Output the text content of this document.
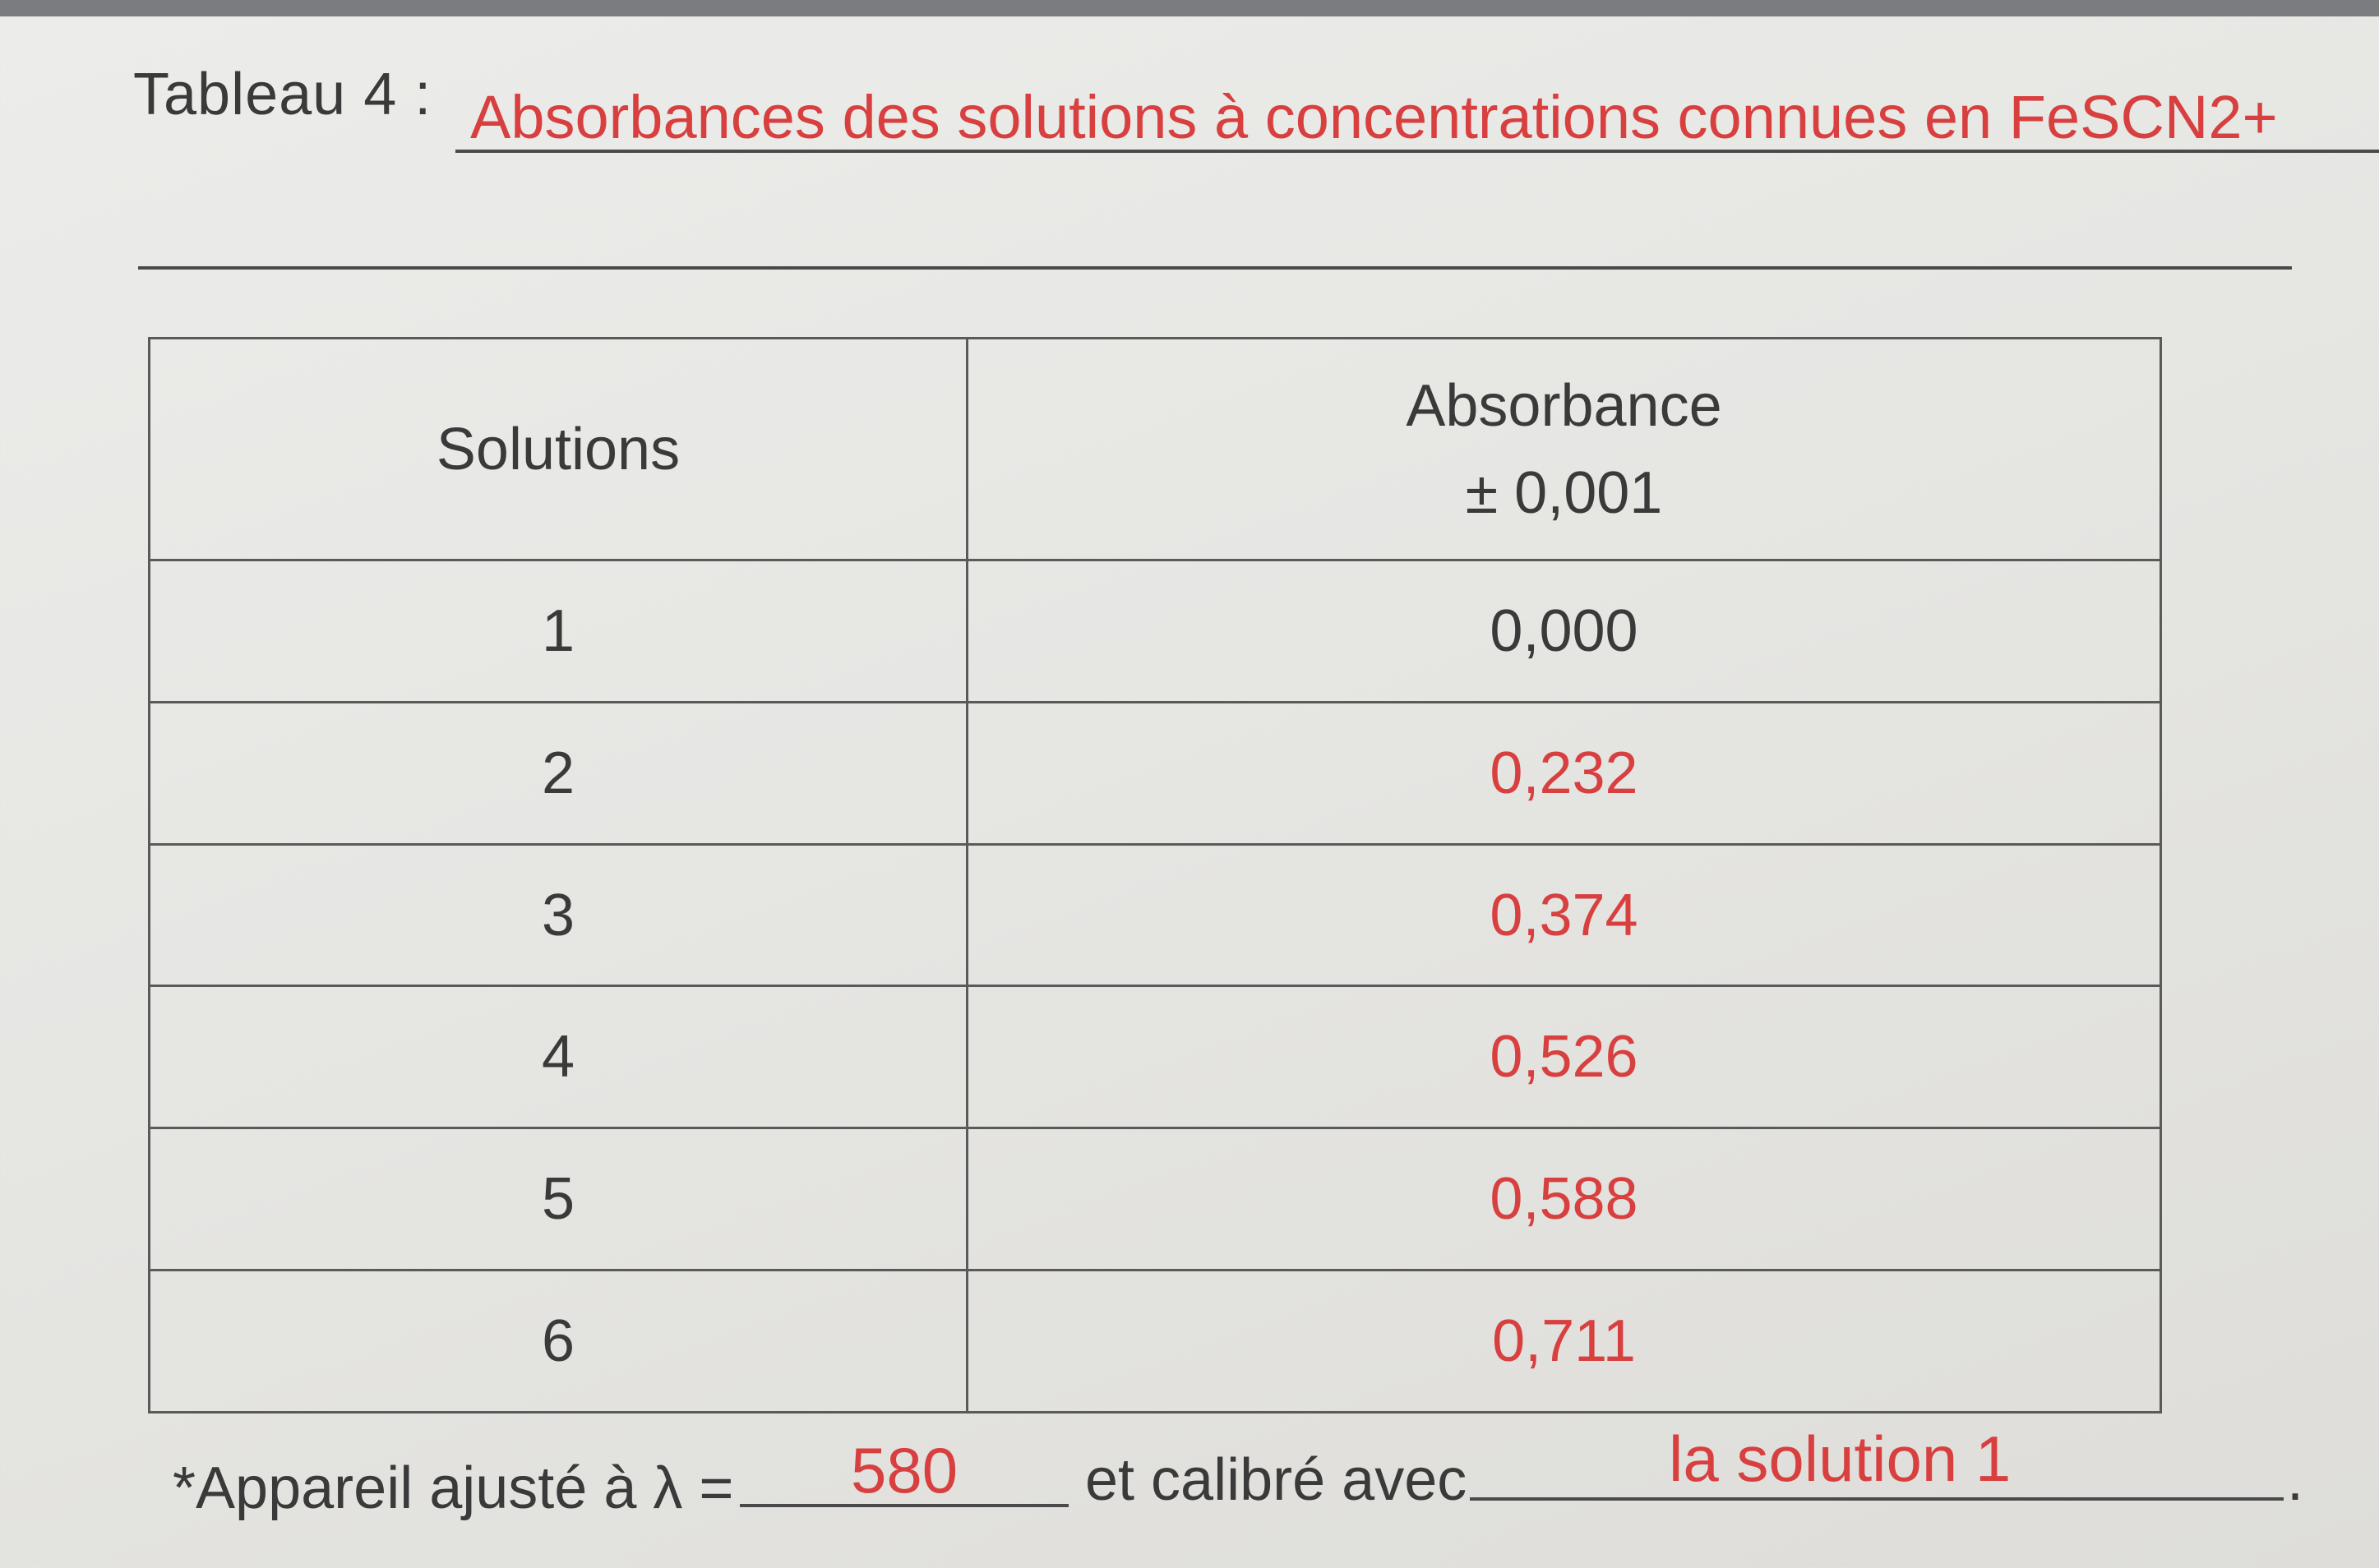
Tableau 4 : Absorbances des solutions à concentrations connues en FeSCN2+
Solutions	Absorbance
± 0,001

1	0,000
2	0,232
3	0,374
4	0,526
5	0,588
6	0,711
*Appareil ajusté à λ = 580 et calibré avec	la solution 1	.
